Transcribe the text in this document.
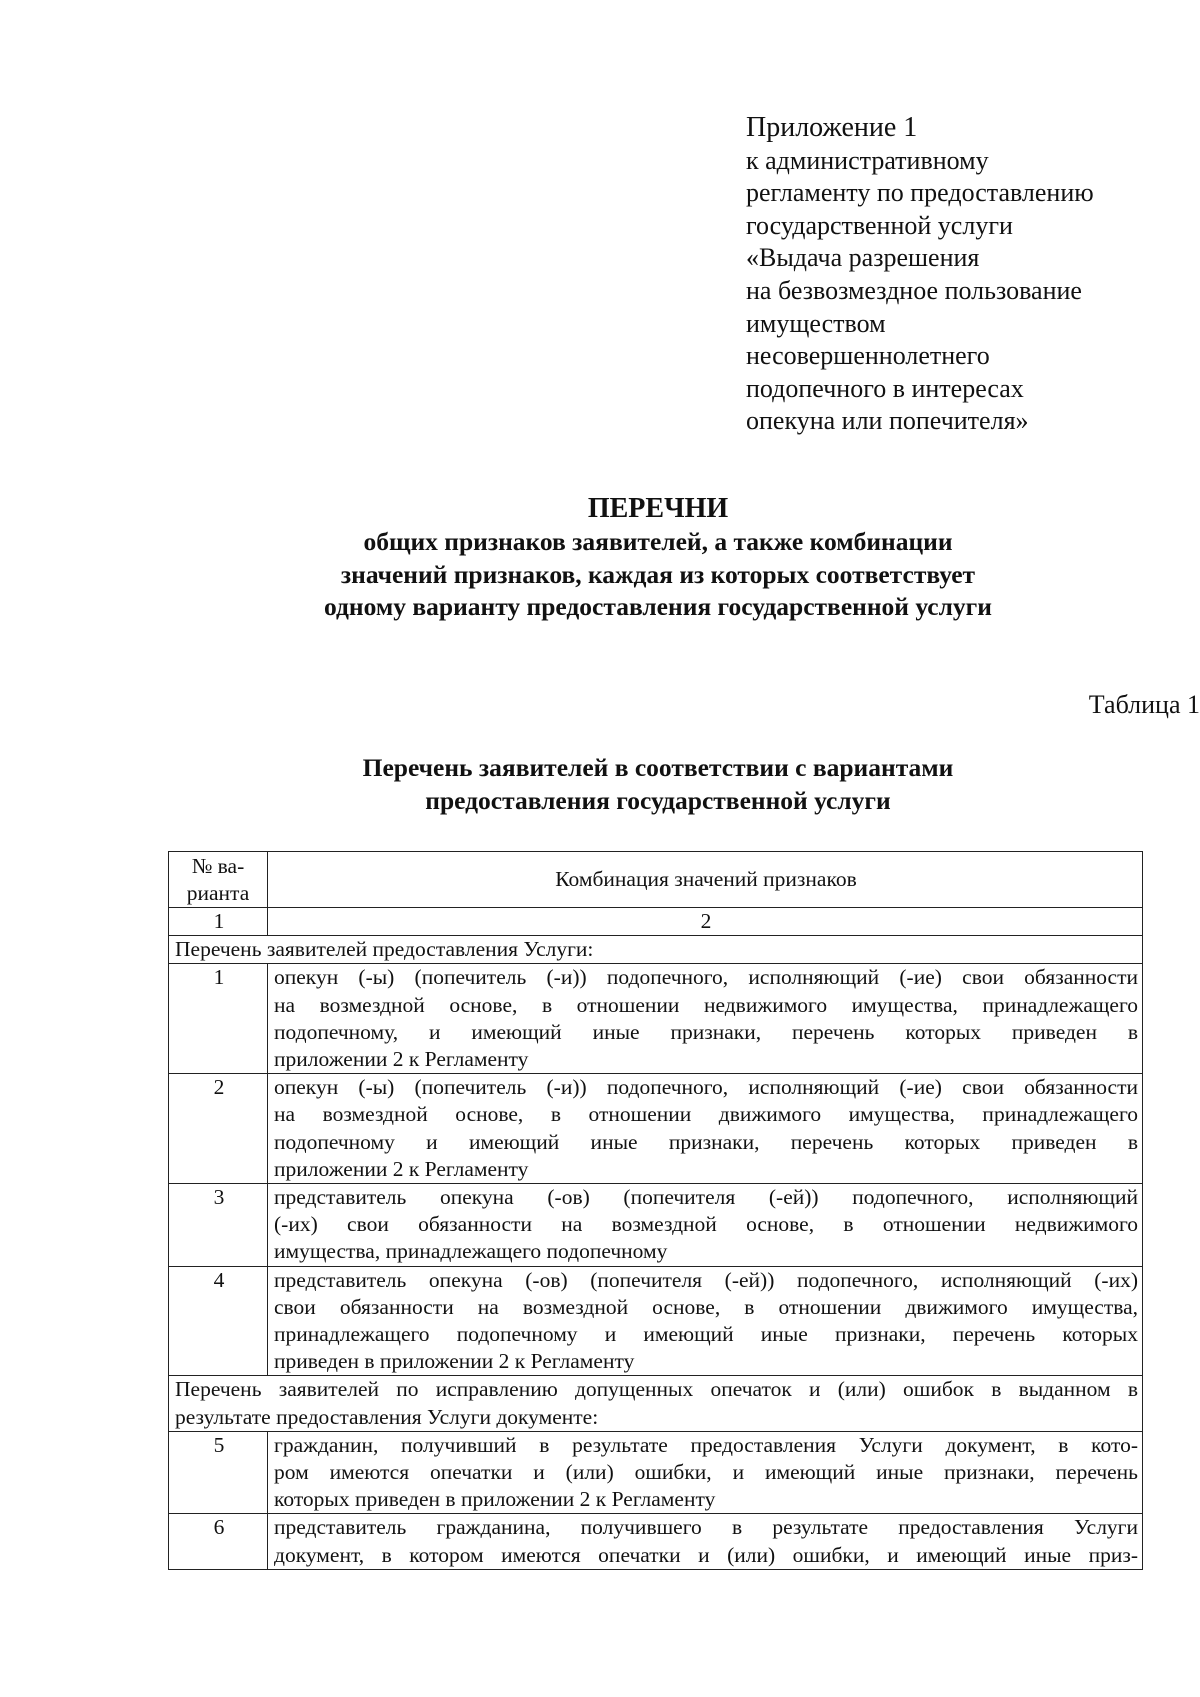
Приложение 1
к административному
регламенту по предоставлению
государственной услуги
«Выдача разрешения
на безвозмездное пользование
имуществом
несовершеннолетнего
подопечного в интересах
опекуна или попечителя»
ПЕРЕЧНИ
общих признаков заявителей, а также комбинации
значений признаков, каждая из которых соответствует
одному варианту предоставления государственной услуги
Таблица 1
Перечень заявителей в соответствии с вариантами
предоставления государственной услуги
№ ва-
рианта	Комбинация значений признаков
1	2
Перечень заявителей предоставления Услуги:	
1	опекун (-ы) (попечитель (-и)) подопечного, исполняющий (-ие) свои обязанности
на возмездной основе, в отношении недвижимого имущества, принадлежащего
подопечному, и имеющий иные признаки, перечень которых приведен в
приложении 2 к Регламенту

2	опекун (-ы) (попечитель (-и)) подопечного, исполняющий (-ие) свои обязанности
на возмездной основе, в отношении движимого имущества, принадлежащего
подопечному и имеющий иные признаки, перечень которых приведен в
приложении 2 к Регламенту

3	представитель опекуна (-ов) (попечителя (-ей)) подопечного, исполняющий
(-их) свои обязанности на возмездной основе, в отношении недвижимого
имущества, принадлежащего подопечному

4	представитель опекуна (-ов) (попечителя (-ей)) подопечного, исполняющий (-их)
свои обязанности на возмездной основе, в отношении движимого имущества,
принадлежащего подопечному и имеющий иные признаки, перечень которых
приведен в приложении 2 к Регламенту

Перечень заявителей по исправлению допущенных опечаток и (или) ошибок в выданном в
результате предоставления Услуги документе:	

5	гражданин, получивший в результате предоставления Услуги документ, в кото-
ром имеются опечатки и (или) ошибки, и имеющий иные признаки, перечень
которых приведен в приложении 2 к Регламенту

6	представитель гражданина, получившего в результате предоставления Услуги
документ, в котором имеются опечатки и (или) ошибки, и имеющий иные приз-
